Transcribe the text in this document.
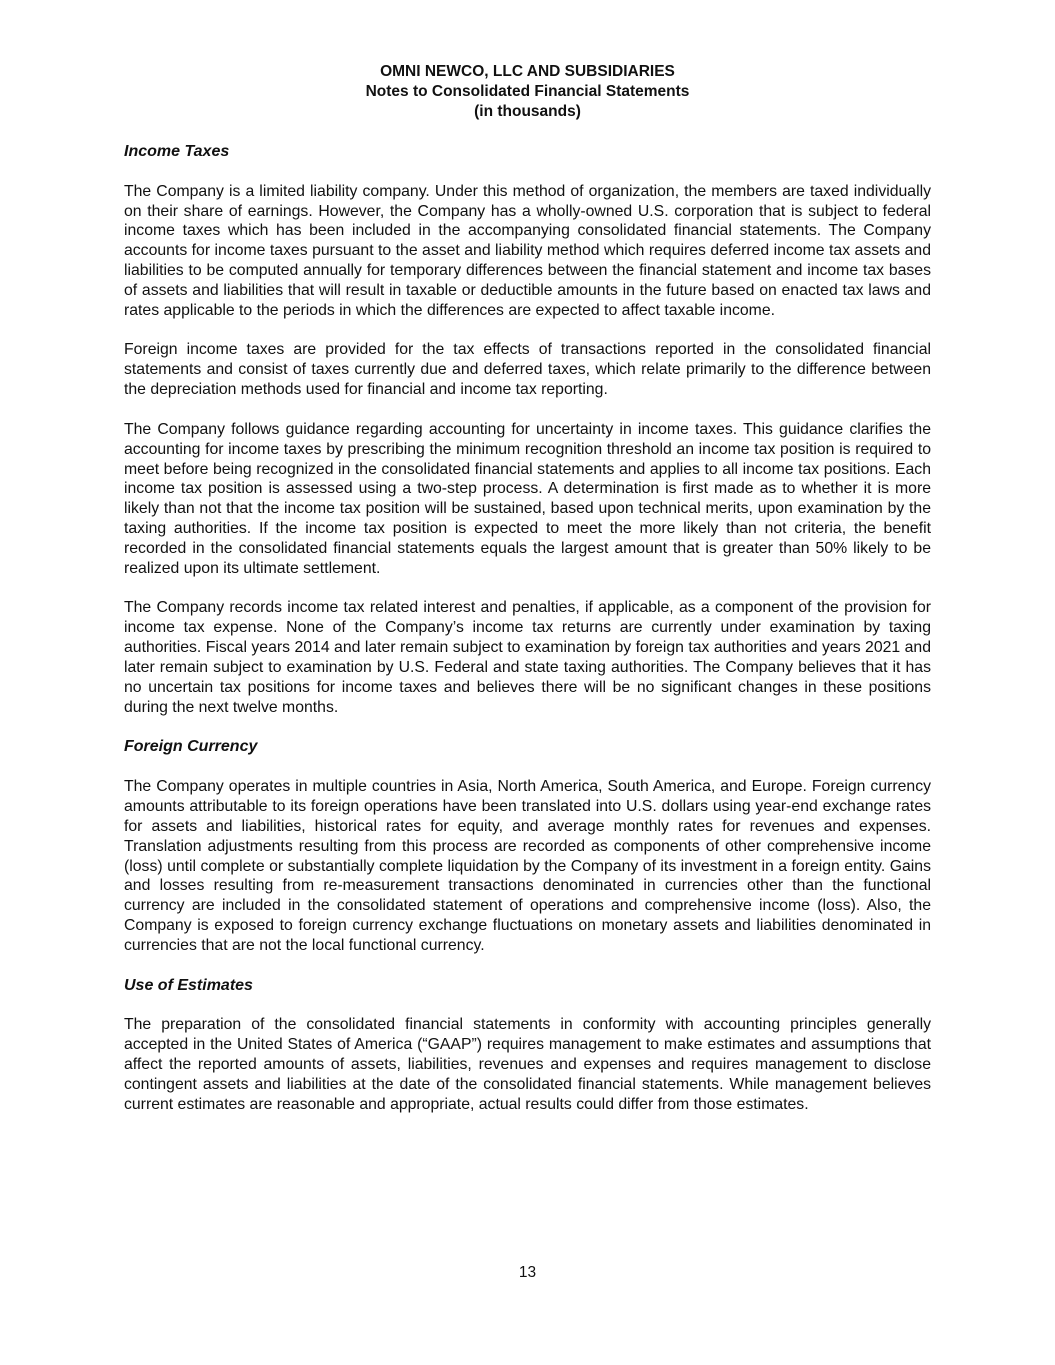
OMNI NEWCO, LLC AND SUBSIDIARIES
Notes to Consolidated Financial Statements
(in thousands)
Income Taxes

The Company is a limited liability company. Under this method of organization, the members are taxed individually on their share of earnings. However, the Company has a wholly-owned U.S. corporation that is subject to federal income taxes which has been included in the accompanying consolidated financial statements. The Company accounts for income taxes pursuant to the asset and liability method which requires deferred income tax assets and liabilities to be computed annually for temporary differences between the financial statement and income tax bases of assets and liabilities that will result in taxable or deductible amounts in the future based on enacted tax laws and rates applicable to the periods in which the differences are expected to affect taxable income.

Foreign income taxes are provided for the tax effects of transactions reported in the consolidated financial statements and consist of taxes currently due and deferred taxes, which relate primarily to the difference between the depreciation methods used for financial and income tax reporting.

The Company follows guidance regarding accounting for uncertainty in income taxes. This guidance clarifies the accounting for income taxes by prescribing the minimum recognition threshold an income tax position is required to meet before being recognized in the consolidated financial statements and applies to all income tax positions. Each income tax position is assessed using a two-step process. A determination is first made as to whether it is more likely than not that the income tax position will be sustained, based upon technical merits, upon examination by the taxing authorities. If the income tax position is expected to meet the more likely than not criteria, the benefit recorded in the consolidated financial statements equals the largest amount that is greater than 50% likely to be realized upon its ultimate settlement.

The Company records income tax related interest and penalties, if applicable, as a component of the provision for income tax expense. None of the Company’s income tax returns are currently under examination by taxing authorities. Fiscal years 2014 and later remain subject to examination by foreign tax authorities and years 2021 and later remain subject to examination by U.S. Federal and state taxing authorities. The Company believes that it has no uncertain tax positions for income taxes and believes there will be no significant changes in these positions during the next twelve months.

Foreign Currency

The Company operates in multiple countries in Asia, North America, South America, and Europe. Foreign currency amounts attributable to its foreign operations have been translated into U.S. dollars using year-end exchange rates for assets and liabilities, historical rates for equity, and average monthly rates for revenues and expenses. Translation adjustments resulting from this process are recorded as components of other comprehensive income (loss) until complete or substantially complete liquidation by the Company of its investment in a foreign entity. Gains and losses resulting from re-measurement transactions denominated in currencies other than the functional currency are included in the consolidated statement of operations and comprehensive income (loss). Also, the Company is exposed to foreign currency exchange fluctuations on monetary assets and liabilities denominated in currencies that are not the local functional currency.

Use of Estimates

The preparation of the consolidated financial statements in conformity with accounting principles generally accepted in the United States of America (“GAAP”) requires management to make estimates and assumptions that affect the reported amounts of assets, liabilities, revenues and expenses and requires management to disclose contingent assets and liabilities at the date of the consolidated financial statements. While management believes current estimates are reasonable and appropriate, actual results could differ from those estimates.

13
